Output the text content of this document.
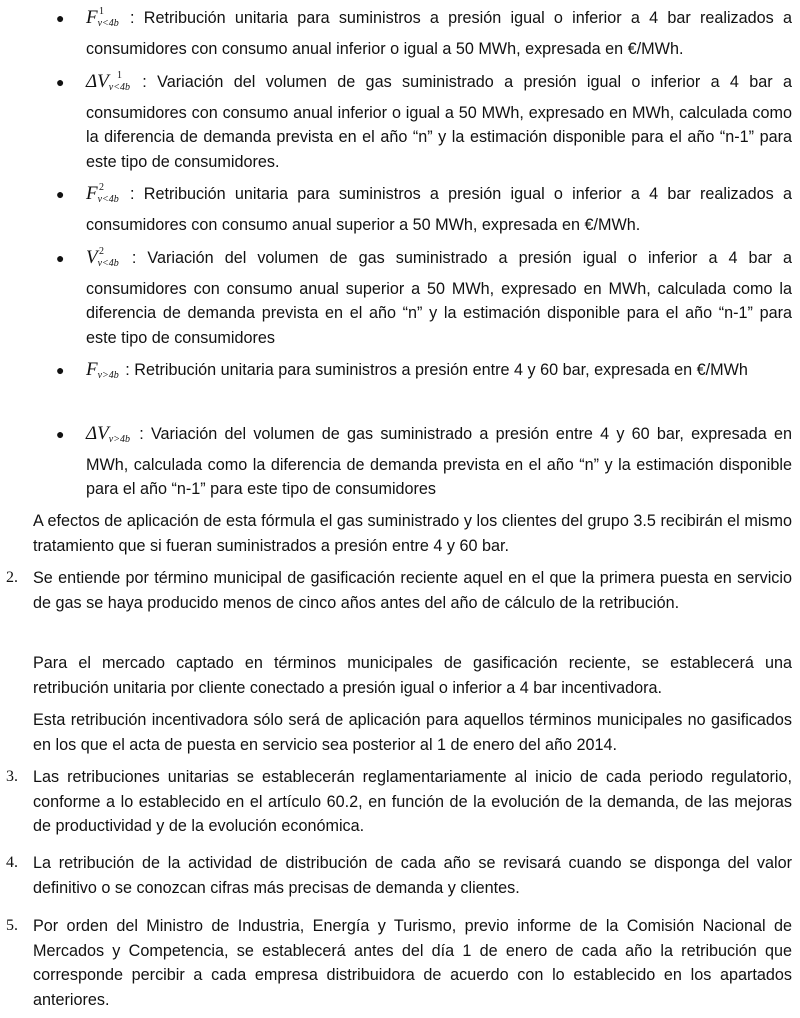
● F 1
$_{v<4b}$ : Retribución unitaria para suministros a presión igual o inferior a 4 bar realizados a consumidores con consumo anual inferior o igual a 50 MWh, expresada en €/MWh.

● ΔV 1
$_{v<4b}$ : Variación del volumen de gas suministrado a presión igual o inferior a 4 bar a consumidores con consumo anual inferior o igual a 50 MWh, expresado en MWh, calculada como la diferencia de demanda prevista en el año “n” y la estimación disponible para el año “n-1” para este tipo de consumidores.

● F 2
$_{v<4b}$ : Retribución unitaria para suministros a presión igual o inferior a 4 bar realizados a consumidores con consumo anual superior a 50 MWh, expresada en €/MWh.

● V 2
$_{v<4b}$ : Variación del volumen de gas suministrado a presión igual o inferior a 4 bar a consumidores con consumo anual superior a 50 MWh, expresado en MWh, calculada como la diferencia de demanda prevista en el año “n” y la estimación disponible para el año “n-1” para este tipo de consumidores

● $F_{v>4b}$ : Retribución unitaria para suministros a presión entre 4 y 60 bar, expresada en €/MWh

● $\Delta V_{v>4b}$ : Variación del volumen de gas suministrado a presión entre 4 y 60 bar, expresada en MWh, calculada como la diferencia de demanda prevista en el año “n” y la estimación disponible para el año “n-1” para este tipo de consumidores

A efectos de aplicación de esta fórmula el gas suministrado y los clientes del grupo 3.5 recibirán el mismo tratamiento que si fueran suministrados a presión entre 4 y 60 bar.

2. Se entiende por término municipal de gasificación reciente aquel en el que la primera puesta en servicio de gas se haya producido menos de cinco años antes del año de cálculo de la retribución.

Para el mercado captado en términos municipales de gasificación reciente, se establecerá una retribución unitaria por cliente conectado a presión igual o inferior a 4 bar incentivadora.

Esta retribución incentivadora sólo será de aplicación para aquellos términos municipales no gasificados en los que el acta de puesta en servicio sea posterior al 1 de enero del año 2014.

3. Las retribuciones unitarias se establecerán reglamentariamente al inicio de cada periodo regulatorio, conforme a lo establecido en el artículo 60.2, en función de la evolución de la demanda, de las mejoras de productividad y de la evolución económica.

4. La retribución de la actividad de distribución de cada año se revisará cuando se disponga del valor definitivo o se conozcan cifras más precisas de demanda y clientes.

5. Por orden del Ministro de Industria, Energía y Turismo, previo informe de la Comisión Nacional de Mercados y Competencia, se establecerá antes del día 1 de enero de cada año la retribución que corresponde percibir a cada empresa distribuidora de acuerdo con lo establecido en los apartados anteriores.
